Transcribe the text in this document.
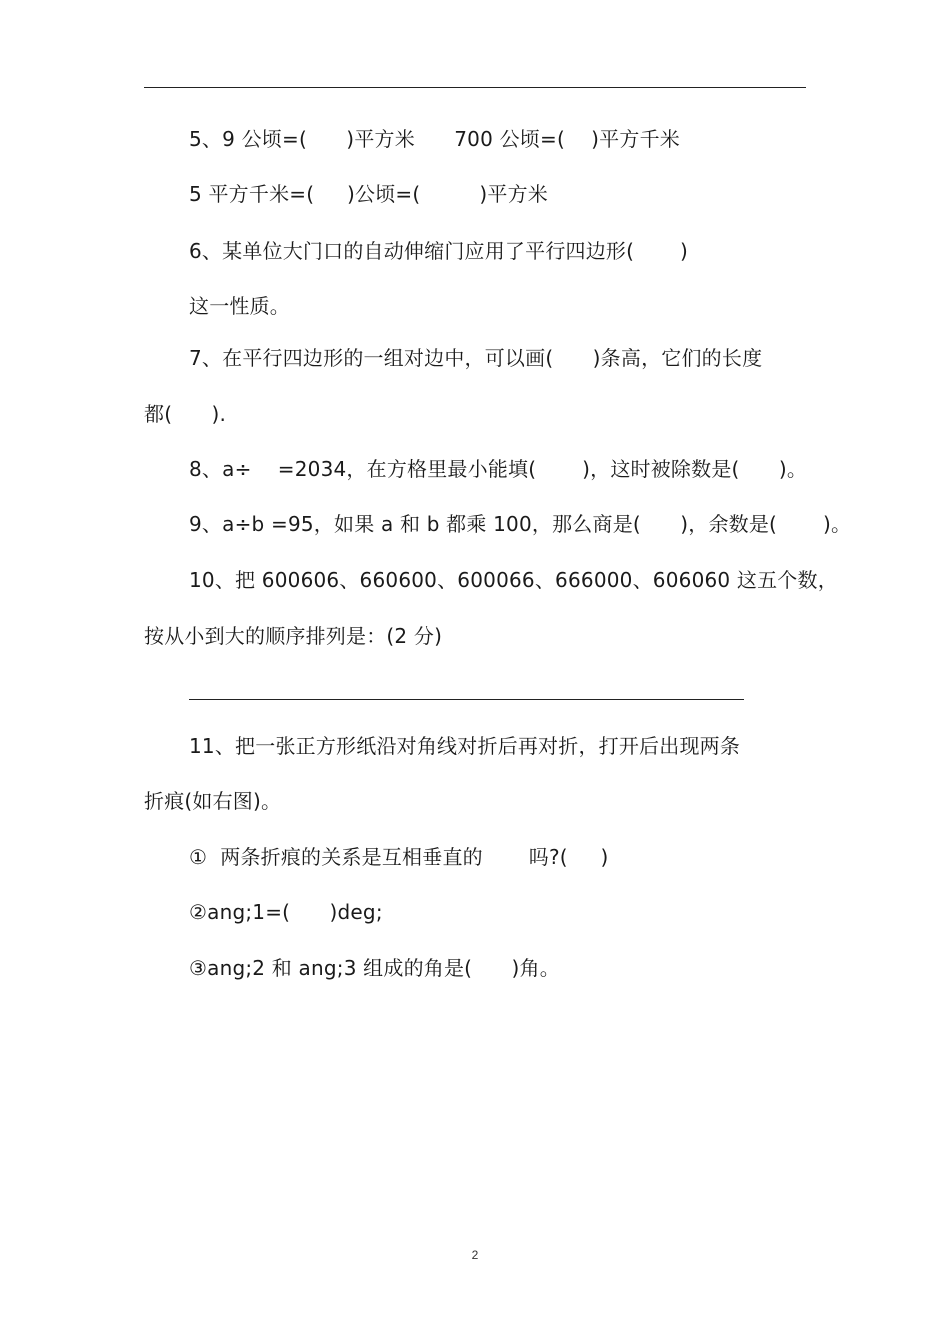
5、9 公顷=(      )平方米      700 公顷=(    )平方千米
5 平方千米=(     )公顷=(         )平方米
6、某单位大门口的自动伸缩门应用了平行四边形(       )
这一性质。
7、在平行四边形的一组对边中，可以画(      )条高，它们的长度
都(      ).
8、a÷    =2034，在方格里最小能填(       )，这时被除数是(      )。
9、a÷b =95，如果 a 和 b 都乘 100，那么商是(      )，余数是(       )。
10、把 600606、660600、600066、666000、606060 这五个数，
按从小到大的顺序排列是：(2 分)
11、把一张正方形纸沿对角线对折后再对折，打开后出现两条
折痕(如右图)。
①  两条折痕的关系是互相垂直的       吗?(     )
②ang;1=(      )deg;
③ang;2 和 ang;3 组成的角是(      )角。
2
